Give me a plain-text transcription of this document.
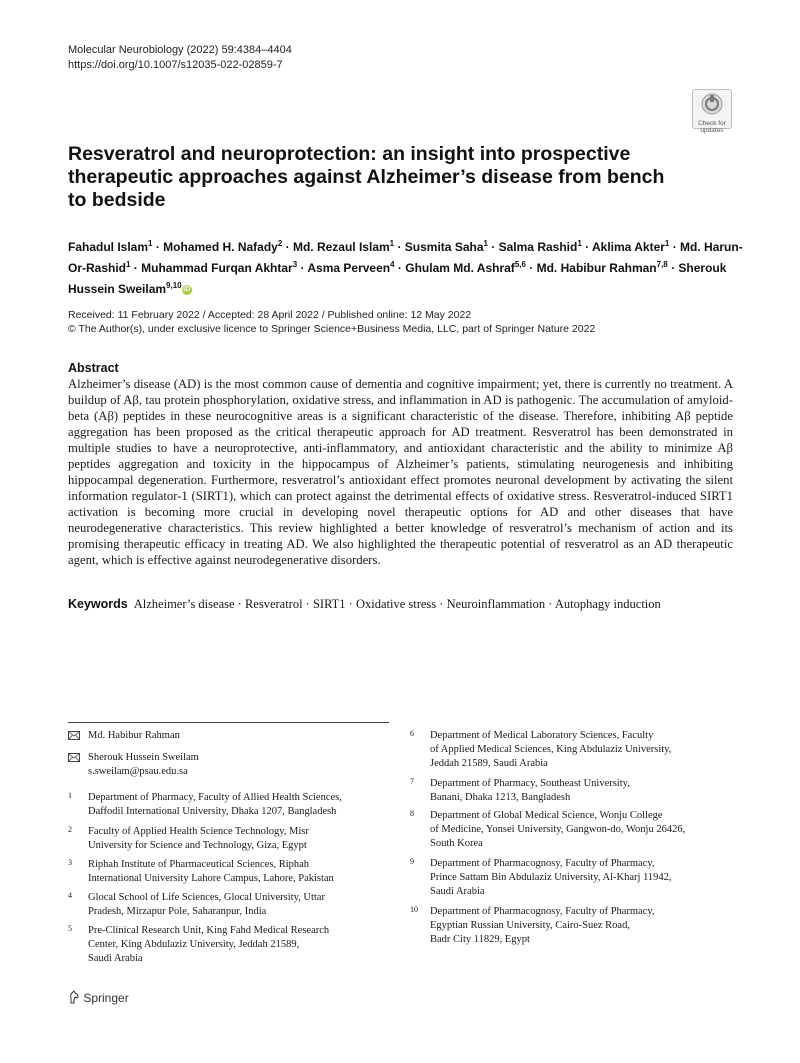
Molecular Neurobiology (2022) 59:4384–4404
https://doi.org/10.1007/s12035-022-02859-7
Check for
updates
Resveratrol and neuroprotection: an insight into prospective therapeutic approaches against Alzheimer’s disease from bench to bedside
Fahadul Islam$^1$ · Mohamed H. Nafady$^2$ · Md. Rezaul Islam$^1$ · Susmita Saha$^1$ · Salma Rashid$^1$ · Aklima Akter$^1$ · Md. Harun- Or-Rashid$^1$ · Muhammad Furqan Akhtar$^3$ · Asma Perveen$^4$ · Ghulam Md. Ashraf$^{5,6}$ · Md. Habibur Rahman$^{7,8}$ · Sherouk Hussein Sweilam$^{9,10}$ iD
Received: 11 February 2022 / Accepted: 28 April 2022 / Published online: 12 May 2022
© The Author(s), under exclusive licence to Springer Science+Business Media, LLC, part of Springer Nature 2022
Abstract
Alzheimer’s disease (AD) is the most common cause of dementia and cognitive impairment; yet, there is currently no treatment. A buildup of Aβ, tau protein phosphorylation, oxidative stress, and inflammation in AD is pathogenic. The accumulation of amyloid-beta (Aβ) peptides in these neurocognitive areas is a significant characteristic of the disease. Therefore, inhibiting Aβ peptide aggregation has been proposed as the critical therapeutic approach for AD treatment. Resveratrol has been demonstrated in multiple studies to have a neuroprotective, anti-inflammatory, and antioxidant characteristic and the ability to minimize Aβ peptides aggregation and toxicity in the hippocampus of Alzheimer’s patients, stimulating neurogenesis and inhibiting hippocampal degeneration. Furthermore, resveratrol’s antioxidant effect promotes neuronal development by activating the silent information regulator-1 (SIRT1), which can protect against the detrimental effects of oxidative stress. Resveratrol-induced SIRT1 activation is becoming more crucial in developing novel therapeutic options for AD and other diseases that have neurodegenerative characteristics. This review highlighted a better knowledge of resveratrol’s mechanism of action and its promising therapeutic efficacy in treating AD. We also highlighted the therapeutic potential of resveratrol as an AD therapeutic agent, which is effective against neurodegenerative disorders.
Keywords Alzheimer’s disease · Resveratrol · SIRT1 · Oxidative stress · Neuroinflammation · Autophagy induction
Md. Habibur Rahman
Sherouk Hussein Sweilam
s.sweilam@psau.edu.sa
1 Department of Pharmacy, Faculty of Allied Health Sciences,
Daffodil International University, Dhaka 1207, Bangladesh
2 Faculty of Applied Health Science Technology, Misr
University for Science and Technology, Giza, Egypt
3 Riphah Institute of Pharmaceutical Sciences, Riphah
International University Lahore Campus, Lahore, Pakistan
4 Glocal School of Life Sciences, Glocal University, Uttar
Pradesh, Mirzapur Pole, Saharanpur, India
5 Pre-Clinical Research Unit, King Fahd Medical Research
Center, King Abdulaziz University, Jeddah 21589,
Saudi Arabia
6 Department of Medical Laboratory Sciences, Faculty
of Applied Medical Sciences, King Abdulaziz University,
Jeddah 21589, Saudi Arabia
7 Department of Pharmacy, Southeast University,
Banani, Dhaka 1213, Bangladesh
8 Department of Global Medical Science, Wonju College
of Medicine, Yonsei University, Gangwon-do, Wonju 26426,
South Korea
9 Department of Pharmacognosy, Faculty of Pharmacy,
Prince Sattam Bin Abdulaziz University, Al-Kharj 11942,
Saudi Arabia
10 Department of Pharmacognosy, Faculty of Pharmacy,
Egyptian Russian University, Cairo-Suez Road,
Badr City 11829, Egypt
Springer
